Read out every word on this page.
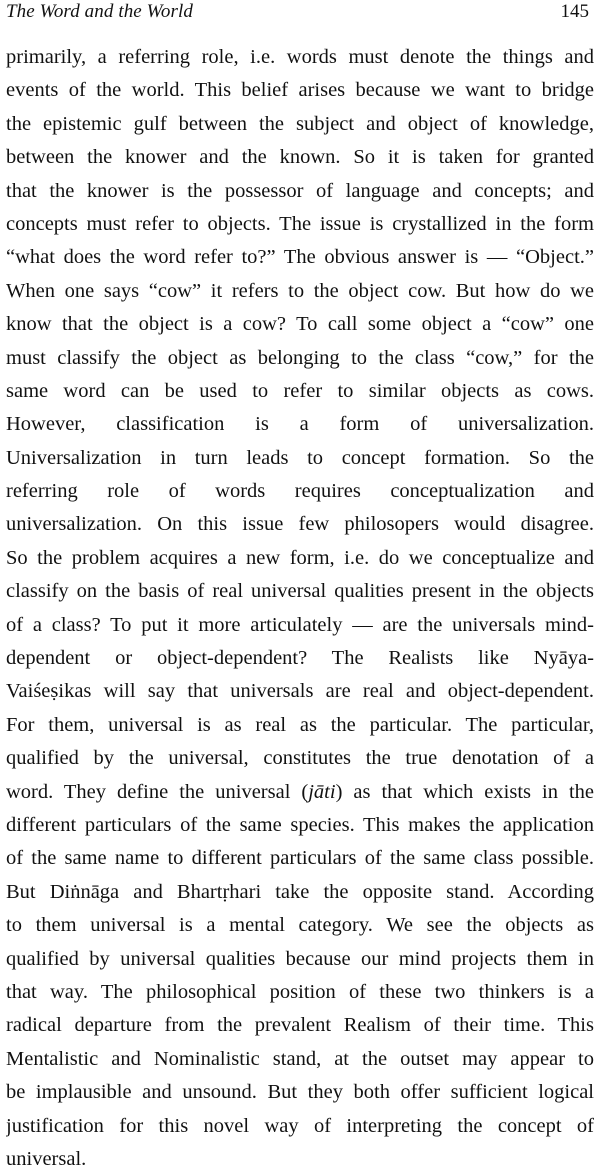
The Word and the World	145
primarily, a referring role, i.e. words must denote the things and
events of the world. This belief arises because we want to bridge
the epistemic gulf between the subject and object of knowledge,
between the knower and the known. So it is taken for granted
that the knower is the possessor of language and concepts; and
concepts must refer to objects. The issue is crystallized in the form
“what does the word refer to?” The obvious answer is — “Object.”
When one says “cow” it refers to the object cow. But how do we
know that the object is a cow? To call some object a “cow” one
must classify the object as belonging to the class “cow,” for the
same word can be used to refer to similar objects as cows.
However, classification is a form of universalization.
Universalization in turn leads to concept formation. So the
referring role of words requires conceptualization and
universalization. On this issue few philosopers would disagree.
So the problem acquires a new form, i.e. do we conceptualize and
classify on the basis of real universal qualities present in the objects
of a class? To put it more articulately — are the universals mind-
dependent or object-dependent? The Realists like Nyāya-
Vaiśeṣikas will say that universals are real and object-dependent.
For them, universal is as real as the particular. The particular,
qualified by the universal, constitutes the true denotation of a
word. They define the universal (jāti) as that which exists in the
different particulars of the same species. This makes the application
of the same name to different particulars of the same class possible.
But Diṅnāga and Bhartṛhari take the opposite stand. According
to them universal is a mental category. We see the objects as
qualified by universal qualities because our mind projects them in
that way. The philosophical position of these two thinkers is a
radical departure from the prevalent Realism of their time. This
Mentalistic and Nominalistic stand, at the outset may appear to
be implausible and unsound. But they both offer sufficient logical
justification for this novel way of interpreting the concept of
universal.
